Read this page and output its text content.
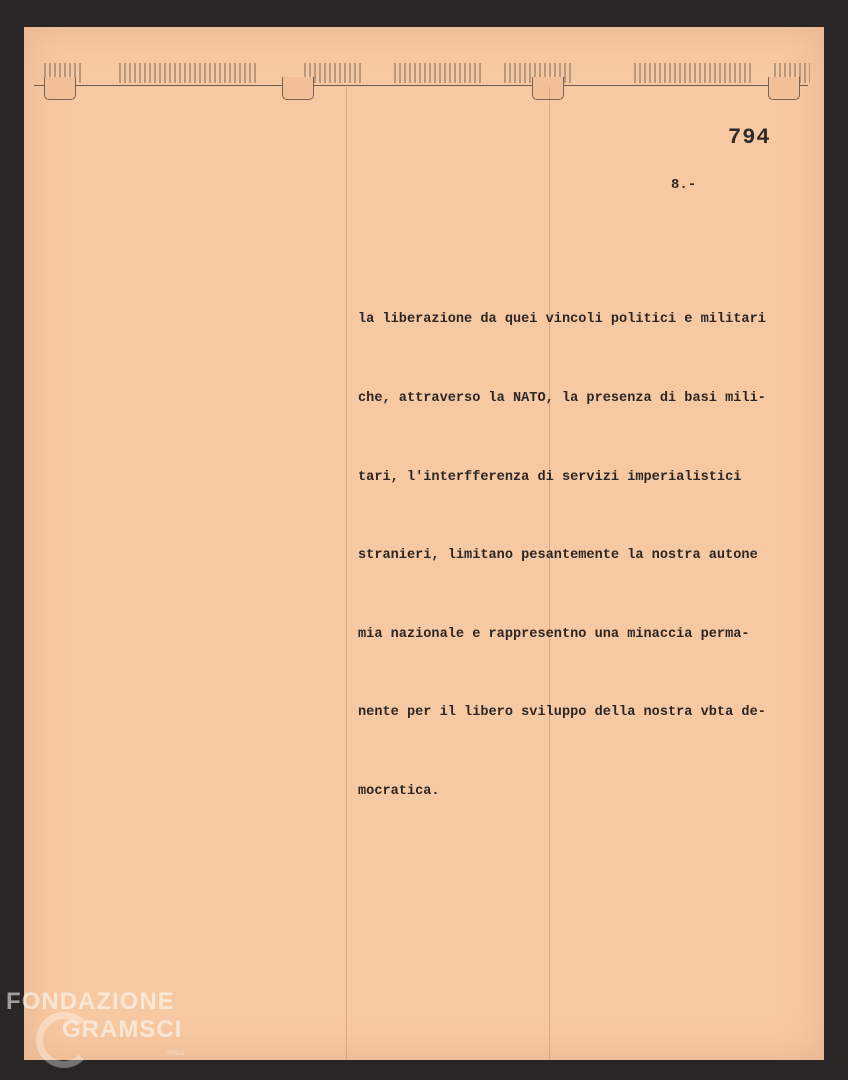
794
8.-

la liberazione da quei vincoli politici e militari

che, attraverso la NATO, la presenza di basi mili-

tari, l'interfferenza di servizi imperialistici

stranieri, limitano pesantemente la nostra autone

mia nazionale e rappresentno una minaccia perma-

nente per il libero sviluppo della nostra vbta de-

mocratica.

FONDAZIONE
GRAMSCI
onlus
